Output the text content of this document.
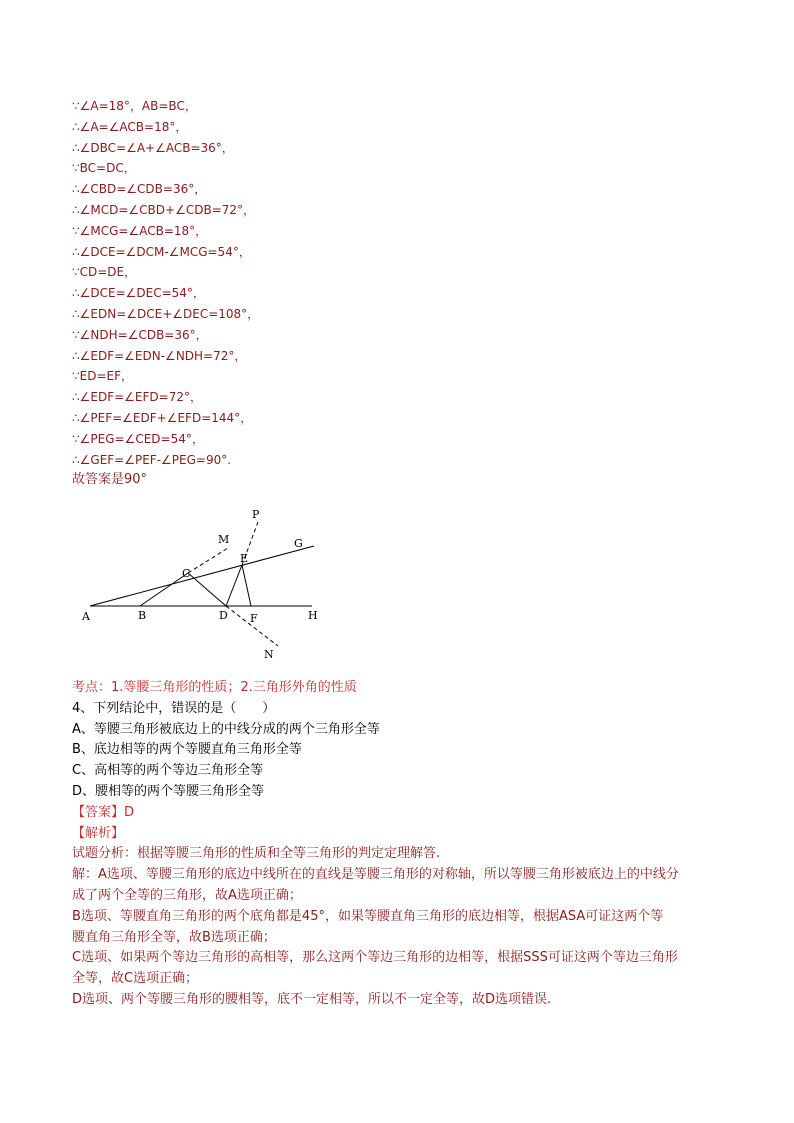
∵∠A=18°，AB=BC，
∴∠A=∠ACB=18°，
∴∠DBC=∠A+∠ACB=36°，
∵BC=DC，
∴∠CBD=∠CDB=36°，
∴∠MCD=∠CBD+∠CDB=72°，
∵∠MCG=∠ACB=18°，
∴∠DCE=∠DCM-∠MCG=54°，
∵CD=DE，
∴∠DCE=∠DEC=54°，
∴∠EDN=∠DCE+∠DEC=108°，
∵∠NDH=∠CDB=36°，
∴∠EDF=∠EDN-∠NDH=72°，
∵ED=EF，
∴∠EDF=∠EFD=72°，
∴∠PEF=∠EDF+∠EFD=144°，
∵∠PEG=∠CED=54°，
∴∠GEF=∠PEF-∠PEG=90°.
故答案是90°
A	B
C
D
E
F
G
H
M
N
P
考点：1.等腰三角形的性质；2.三角形外角的性质
4、下列结论中，错误的是（　　）
A、等腰三角形被底边上的中线分成的两个三角形全等
B、底边相等的两个等腰直角三角形全等
C、高相等的两个等边三角形全等
D、腰相等的两个等腰三角形全等
【答案】D
【解析】
试题分析：根据等腰三角形的性质和全等三角形的判定定理解答.
解：A选项、等腰三角形的底边中线所在的直线是等腰三角形的对称轴，所以等腰三角形被底边上的中线分
成了两个全等的三角形，故A选项正确；
B选项、等腰直角三角形的两个底角都是45°，如果等腰直角三角形的底边相等，根据ASA可证这两个等
腰直角三角形全等，故B选项正确；
C选项、如果两个等边三角形的高相等，那么这两个等边三角形的边相等，根据SSS可证这两个等边三角形
全等，故C选项正确；
D选项、两个等腰三角形的腰相等，底不一定相等，所以不一定全等，故D选项错误.
